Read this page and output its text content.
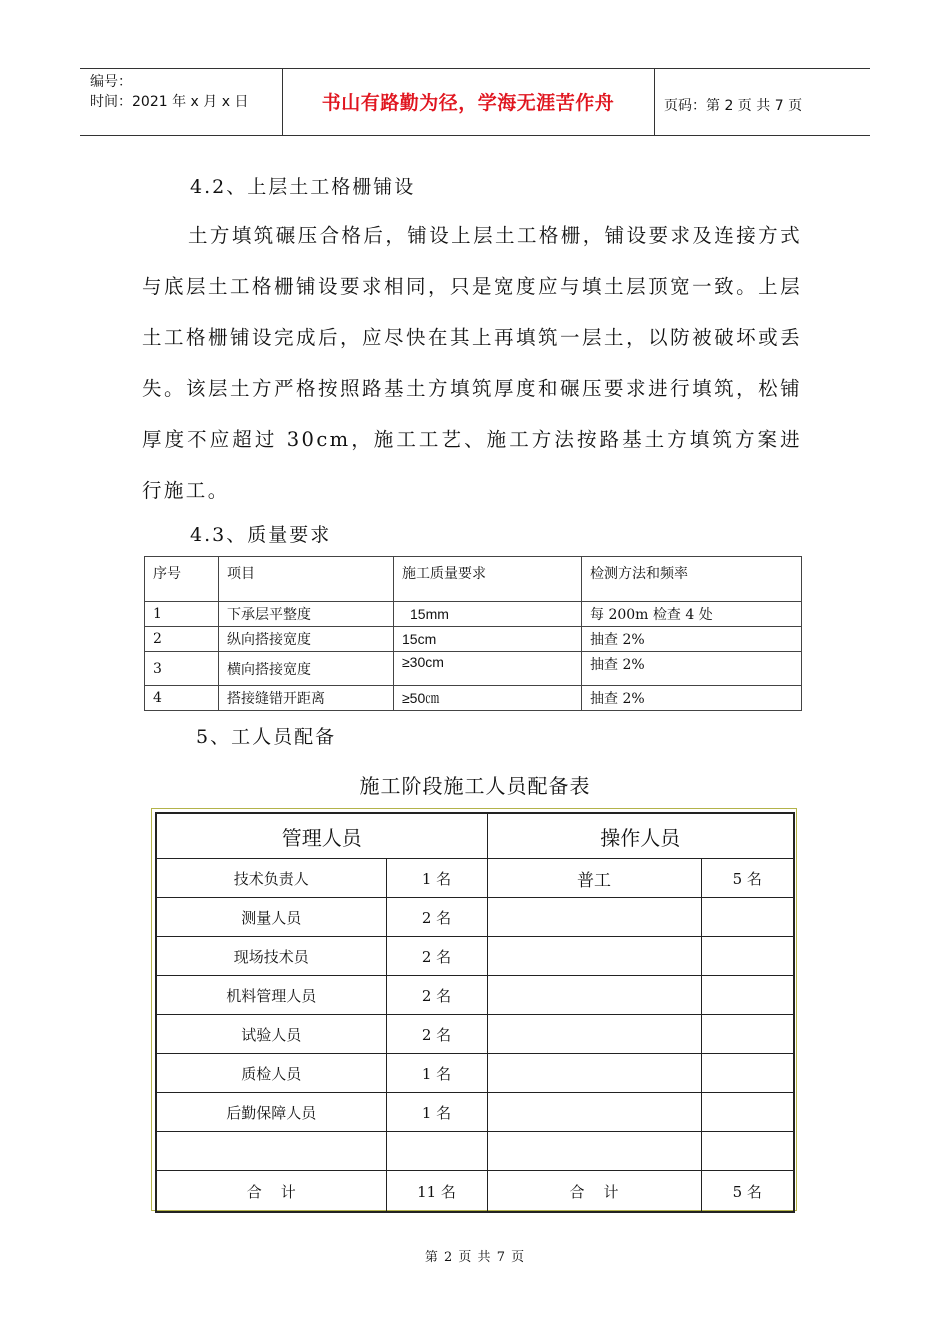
编号：
时间：2021 年 x 月 x 日	书山有路勤为径，学海无涯苦作舟	页码：第 2 页 共 7 页
4.2、上层土工格栅铺设

土方填筑碾压合格后，铺设上层土工格栅，铺设要求及连接方式与底层土工格栅铺设要求相同，只是宽度应与填土层顶宽一致。上层土工格栅铺设完成后，应尽快在其上再填筑一层土，以防被破坏或丢失。该层土方严格按照路基土方填筑厚度和碾压要求进行填筑，松铺厚度不应超过 30cm，施工工艺、施工方法按路基土方填筑方案进行施工。

4.3、质量要求
序号	项目	施工质量要求	检测方法和频率
1	下承层平整度	15mm	每 200m 检查 4 处
2	纵向搭接宽度	15cm	抽查 2%
3	横向搭接宽度	≥30cm	抽查 2%
4	搭接缝错开距离	≥50㎝	抽查 2%
5、工人员配备
施工阶段施工人员配备表
管理人员		操作人员	
技术负责人	1 名	普工	5 名
测量人员	2 名		
现场技术员	2 名		
机料管理人员	2 名		
试验人员	2 名		
质检人员	1 名		
后勤保障人员	1 名		

合    计	11 名	合    计	5 名
第 2 页 共 7 页
